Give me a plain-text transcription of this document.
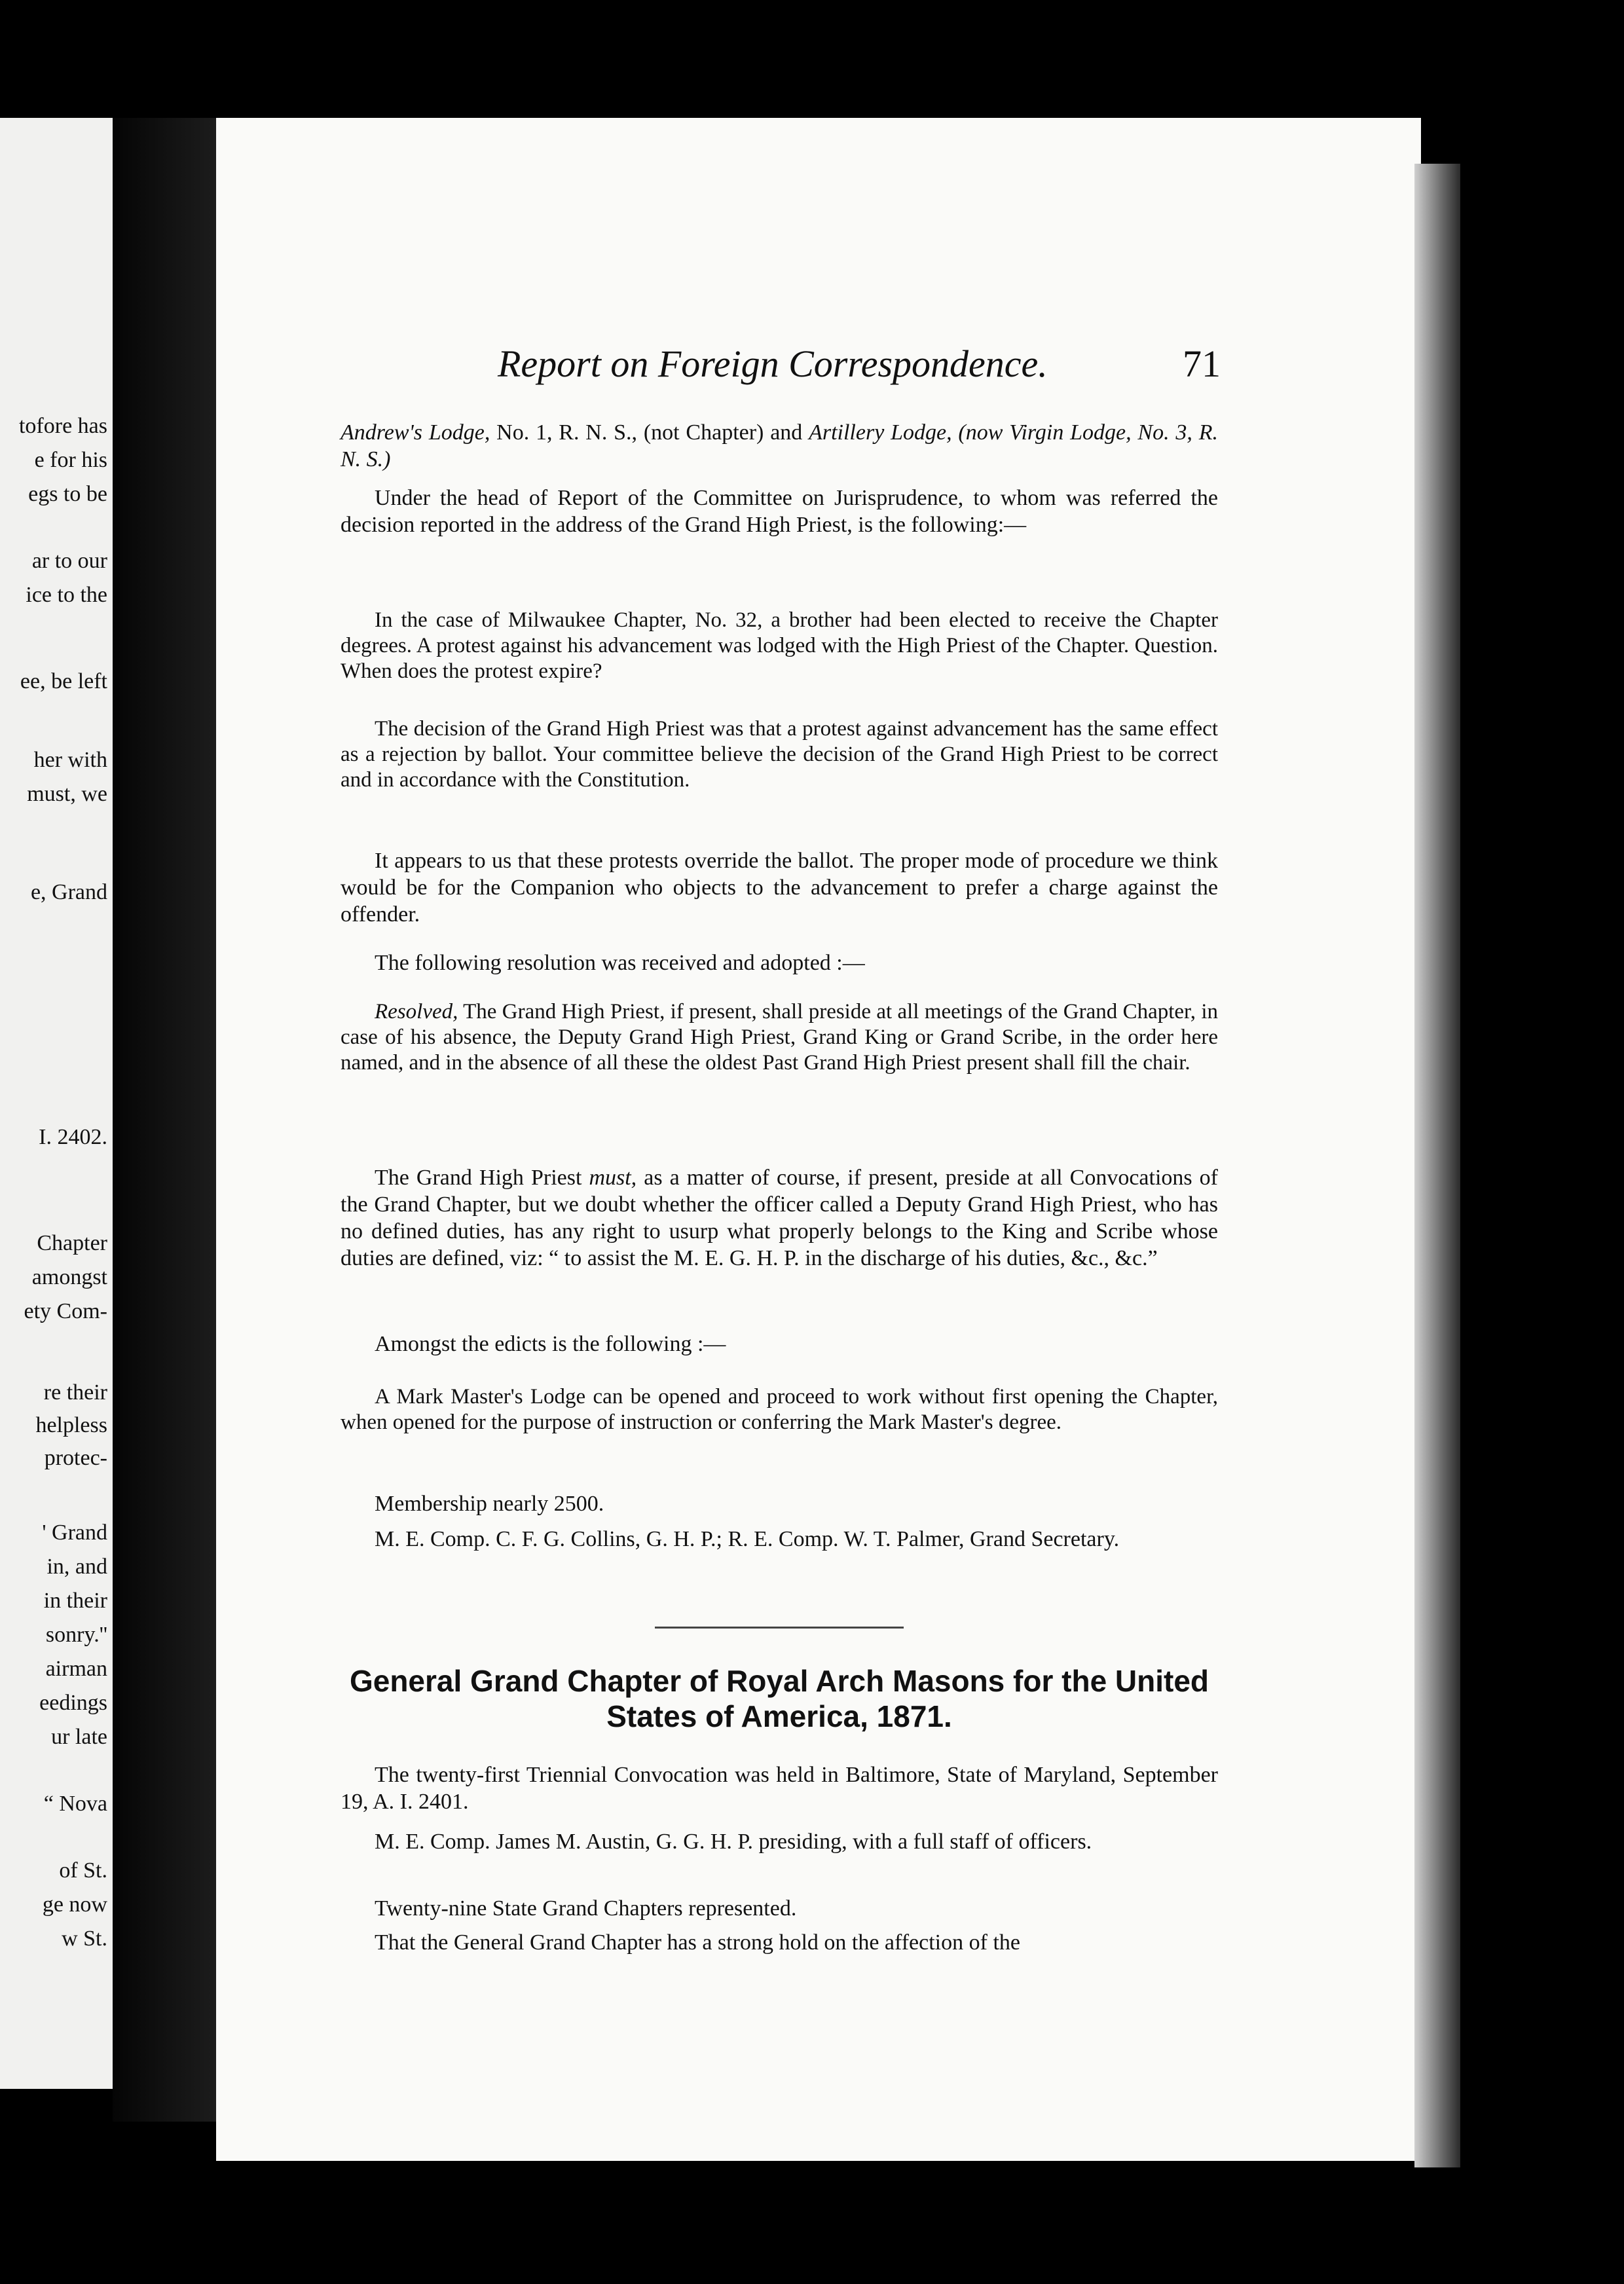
tofore has
e for his
egs to be
ar to our
ice to the
ee, be left
her with
must, we
e, Grand
I. 2402.
Chapter
amongst
ety Com-
re their
helpless
protec-
' Grand
in, and
in their
sonry.''
airman
eedings
ur late
“ Nova
of St.
ge now
w St.
Report on Foreign Correspondence.	71

Andrew's Lodge, No. 1, R. N. S., (not Chapter) and Artillery Lodge, (now Virgin Lodge, No. 3, R. N. S.)

Under the head of Report of the Committee on Jurisprudence, to whom was referred the decision reported in the address of the Grand High Priest, is the following:—

In the case of Milwaukee Chapter, No. 32, a brother had been elected to receive the Chapter degrees. A protest against his advancement was lodged with the High Priest of the Chapter. Question. When does the protest expire?

The decision of the Grand High Priest was that a protest against advancement has the same effect as a rejection by ballot. Your committee believe the decision of the Grand High Priest to be correct and in accordance with the Constitution.

It appears to us that these protests override the ballot. The proper mode of procedure we think would be for the Companion who objects to the advancement to prefer a charge against the offender.

The following resolution was received and adopted :—

Resolved, The Grand High Priest, if present, shall preside at all meetings of the Grand Chapter, in case of his absence, the Deputy Grand High Priest, Grand King or Grand Scribe, in the order here named, and in the absence of all these the oldest Past Grand High Priest present shall fill the chair.

The Grand High Priest must, as a matter of course, if present, preside at all Convocations of the Grand Chapter, but we doubt whether the officer called a Deputy Grand High Priest, who has no defined duties, has any right to usurp what properly belongs to the King and Scribe whose duties are defined, viz: “ to assist the M. E. G. H. P. in the discharge of his duties, &c., &c.”

Amongst the edicts is the following :—

A Mark Master's Lodge can be opened and proceed to work without first opening the Chapter, when opened for the purpose of instruction or conferring the Mark Master's degree.

Membership nearly 2500.

M. E. Comp. C. F. G. Collins, G. H. P.; R. E. Comp. W. T. Palmer, Grand Secretary.

General Grand Chapter of Royal Arch Masons for the United States of America, 1871.

The twenty-first Triennial Convocation was held in Baltimore, State of Maryland, September 19, A. I. 2401.

M. E. Comp. James M. Austin, G. G. H. P. presiding, with a full staff of officers.

Twenty-nine State Grand Chapters represented.

That the General Grand Chapter has a strong hold on the affection of the
